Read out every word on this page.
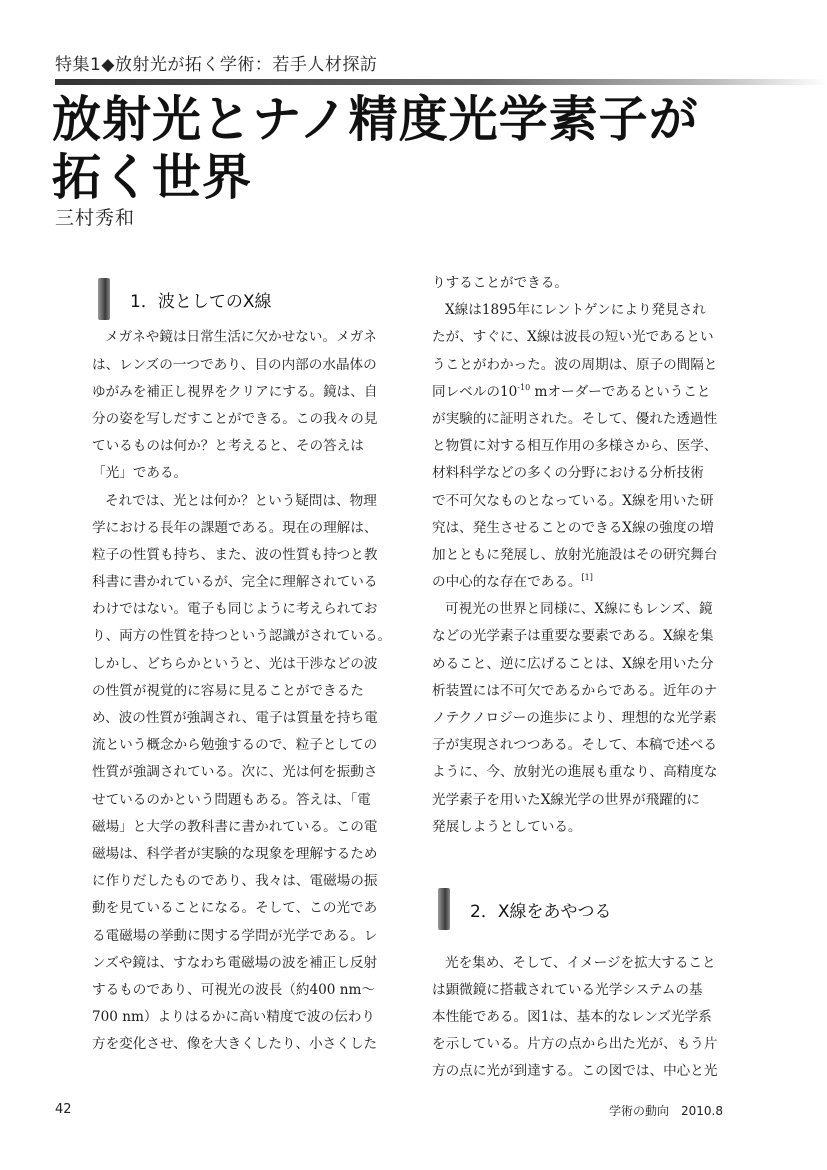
特集1◆放射光が拓く学術：若手人材探訪
放射光とナノ精度光学素子が
拓く世界
三村秀和
1．波としてのX線
メガネや鏡は日常生活に欠かせない。メガネ
は、レンズの一つであり、目の内部の水晶体の
ゆがみを補正し視界をクリアにする。鏡は、自
分の姿を写しだすことができる。この我々の見
ているものは何か？と考えると、その答えは
「光」である。
それでは、光とは何か？という疑問は、物理
学における長年の課題である。現在の理解は、
粒子の性質も持ち、また、波の性質も持つと教
科書に書かれているが、完全に理解されている
わけではない。電子も同じように考えられてお
り、両方の性質を持つという認識がされている。
しかし、どちらかというと、光は干渉などの波
の性質が視覚的に容易に見ることができるた
め、波の性質が強調され、電子は質量を持ち電
流という概念から勉強するので、粒子としての
性質が強調されている。次に、光は何を振動さ
せているのかという問題もある。答えは、「電
磁場」と大学の教科書に書かれている。この電
磁場は、科学者が実験的な現象を理解するため
に作りだしたものであり、我々は、電磁場の振
動を見ていることになる。そして、この光であ
る電磁場の挙動に関する学問が光学である。レ
ンズや鏡は、すなわち電磁場の波を補正し反射
するものであり、可視光の波長（約400 nm～
700 nm）よりはるかに高い精度で波の伝わり
方を変化させ、像を大きくしたり、小さくした
りすることができる。
X線は1895年にレントゲンにより発見され
たが、すぐに、X線は波長の短い光であるとい
うことがわかった。波の周期は、原子の間隔と
同レベルの$10^{-10}$ mオーダーであるということ
が実験的に証明された。そして、優れた透過性
と物質に対する相互作用の多様さから、医学、
材料科学などの多くの分野における分析技術
で不可欠なものとなっている。X線を用いた研
究は、発生させることのできるX線の強度の増
加とともに発展し、放射光施設はその研究舞台
の中心的な存在である。[1]
可視光の世界と同様に、X線にもレンズ、鏡
などの光学素子は重要な要素である。X線を集
めること、逆に広げることは、X線を用いた分
析装置には不可欠であるからである。近年のナ
ノテクノロジーの進歩により、理想的な光学素
子が実現されつつある。そして、本稿で述べる
ように、今、放射光の進展も重なり、高精度な
光学素子を用いたX線光学の世界が飛躍的に
発展しようとしている。
2．X線をあやつる
光を集め、そして、イメージを拡大すること
は顕微鏡に搭載されている光学システムの基
本性能である。図1は、基本的なレンズ光学系
を示している。片方の点から出た光が、もう片
方の点に光が到達する。この図では、中心と光
42	学術の動向　2010.8
